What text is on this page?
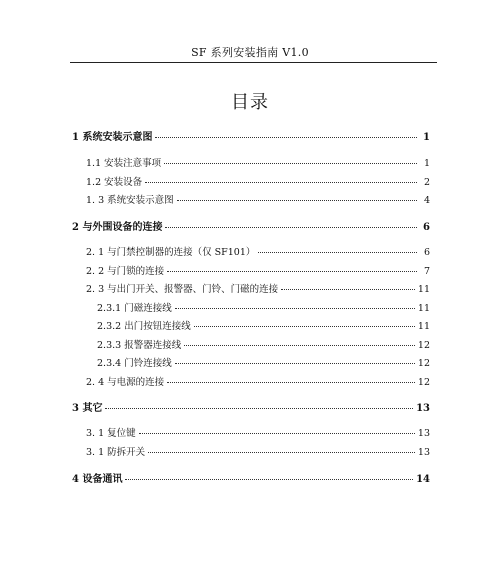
SF 系列安装指南 V1.0
目录
1 系统安装示意图	1
1.1 安装注意事项	1
1.2 安装设备	2
1. 3 系统安装示意图	4
2 与外围设备的连接	6
2. 1 与门禁控制器的连接（仅 SF101）	6
2. 2 与门锁的连接	7
2. 3 与出门开关、报警器、门铃、门磁的连接	11
2.3.1 门磁连接线	11
2.3.2 出门按钮连接线	11
2.3.3 报警器连接线	12
2.3.4 门铃连接线	12
2. 4 与电源的连接	12
3 其它	13
3. 1 复位键	13
3. 1 防拆开关	13
4 设备通讯	14
